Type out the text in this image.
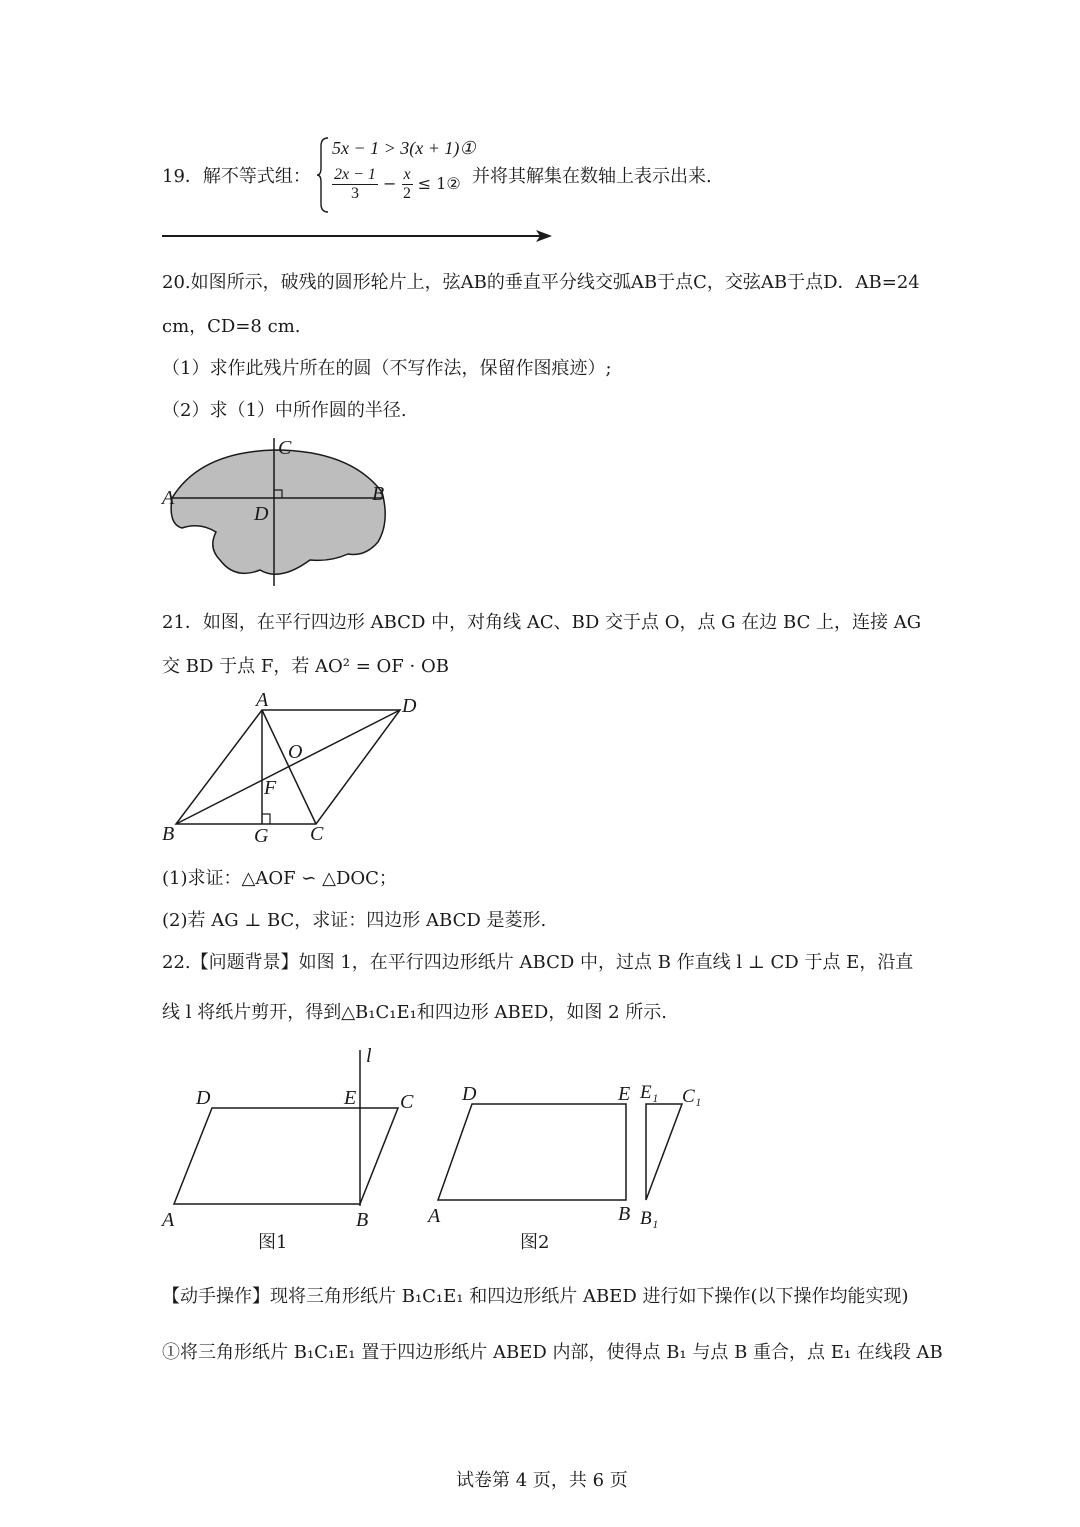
19．解不等式组：
5x − 1 > 3(x + 1)①
$\frac{2x - 1}{3} - \frac{x}{2}$ ≤ 1② 并将其解集在数轴上表示出来.
20.如图所示，破残的圆形轮片上，弦AB的垂直平分线交弧AB于点C，交弦AB于点D．AB=24
cm，CD=8 cm.
（1）求作此残片所在的圆（不写作法，保留作图痕迹）;
（2）求（1）中所作圆的半径.
C
A	B
D
21．如图，在平行四边形 ABCD 中，对角线 AC、BD 交于点 O，点 G 在边 BC 上，连接 AG
交 BD 于点 F，若 AO² = OF · OB
A	D
O
F
B	G C
(1)求证：△AOF ∽ △DOC；
(2)若 AG ⊥ BC，求证：四边形 ABCD 是菱形.
22.【问题背景】如图 1，在平行四边形纸片 ABCD 中，过点 B 作直线 l ⊥ CD 于点 E，沿直
线 l 将纸片剪开，得到△B₁C₁E₁和四边形 ABED，如图 2 所示.
l
D	E C
A	B
图1
D	E E₁ C₁
A	B B₁
图2
【动手操作】现将三角形纸片 B₁C₁E₁ 和四边形纸片 ABED 进行如下操作(以下操作均能实现)
①将三角形纸片 B₁C₁E₁ 置于四边形纸片 ABED 内部，使得点 B₁ 与点 B 重合，点 E₁ 在线段 AB
试卷第 4 页，共 6 页
